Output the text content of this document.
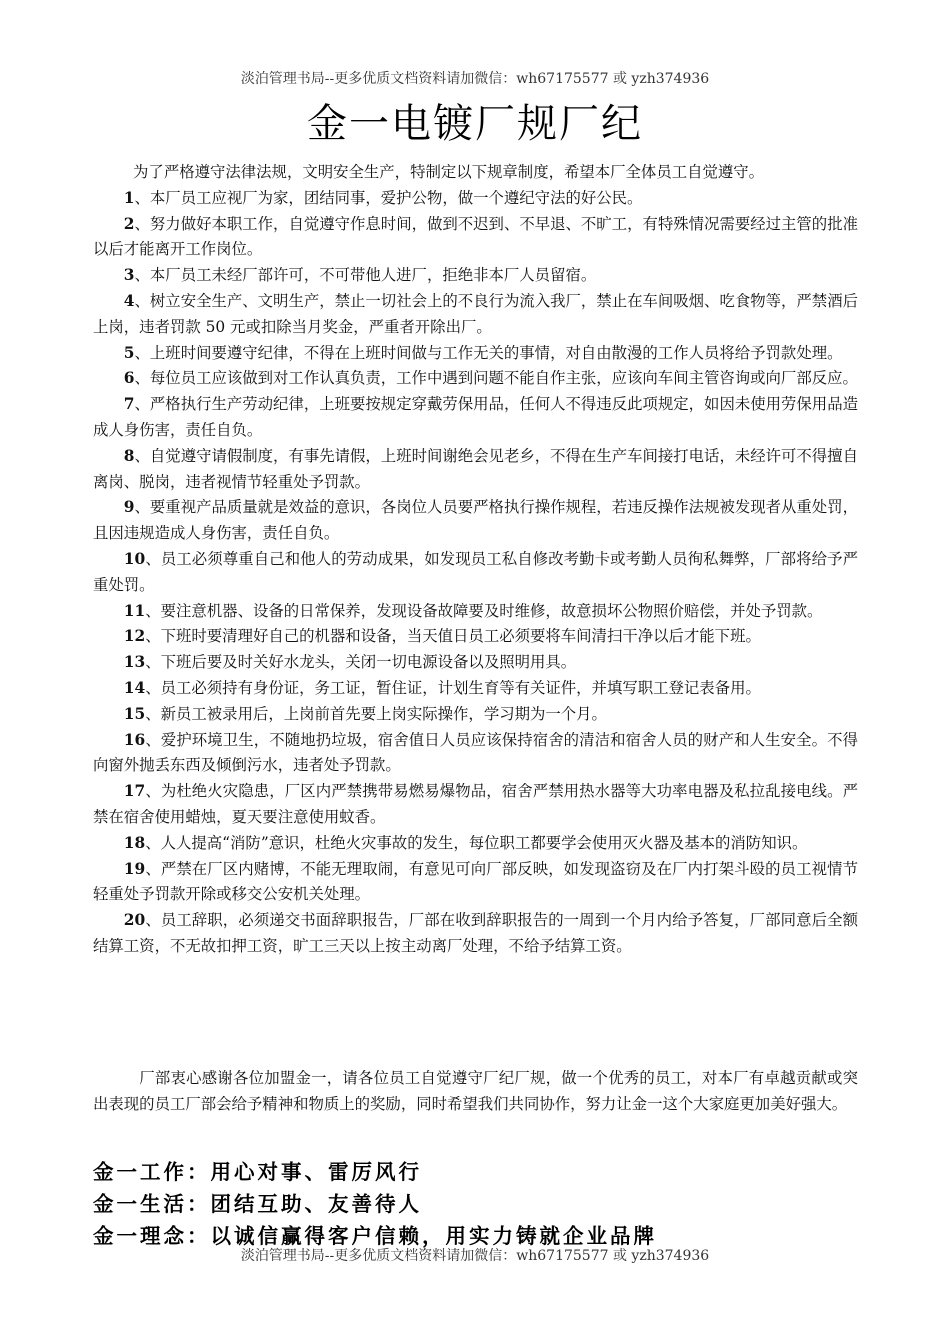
淡泊管理书局--更多优质文档资料请加微信：wh67175577 或 yzh374936
金一电镀厂规厂纪

为了严格遵守法律法规，文明安全生产，特制定以下规章制度，希望本厂全体员工自觉遵守。

1、本厂员工应视厂为家，团结同事，爱护公物，做一个遵纪守法的好公民。

2、努力做好本职工作，自觉遵守作息时间，做到不迟到、不早退、不旷工，有特殊情况需要经过主管的批准以后才能离开工作岗位。

3、本厂员工未经厂部许可，不可带他人进厂，拒绝非本厂人员留宿。

4、树立安全生产、文明生产，禁止一切社会上的不良行为流入我厂，禁止在车间吸烟、吃食物等，严禁酒后上岗，违者罚款 50 元或扣除当月奖金，严重者开除出厂。

5、上班时间要遵守纪律，不得在上班时间做与工作无关的事情，对自由散漫的工作人员将给予罚款处理。

6、每位员工应该做到对工作认真负责，工作中遇到问题不能自作主张，应该向车间主管咨询或向厂部反应。

7、严格执行生产劳动纪律，上班要按规定穿戴劳保用品，任何人不得违反此项规定，如因未使用劳保用品造成人身伤害，责任自负。

8、自觉遵守请假制度，有事先请假，上班时间谢绝会见老乡，不得在生产车间接打电话，未经许可不得擅自离岗、脱岗，违者视情节轻重处予罚款。

9、要重视产品质量就是效益的意识，各岗位人员要严格执行操作规程，若违反操作法规被发现者从重处罚，且因违规造成人身伤害，责任自负。

10、员工必须尊重自己和他人的劳动成果，如发现员工私自修改考勤卡或考勤人员徇私舞弊，厂部将给予严重处罚。

11、要注意机器、设备的日常保养，发现设备故障要及时维修，故意损坏公物照价赔偿，并处予罚款。

12、下班时要清理好自己的机器和设备，当天值日员工必须要将车间清扫干净以后才能下班。

13、下班后要及时关好水龙头，关闭一切电源设备以及照明用具。

14、员工必须持有身份证，务工证，暂住证，计划生育等有关证件，并填写职工登记表备用。

15、新员工被录用后，上岗前首先要上岗实际操作，学习期为一个月。

16、爱护环境卫生，不随地扔垃圾，宿舍值日人员应该保持宿舍的清洁和宿舍人员的财产和人生安全。不得向窗外抛丢东西及倾倒污水，违者处予罚款。

17、为杜绝火灾隐患，厂区内严禁携带易燃易爆物品，宿舍严禁用热水器等大功率电器及私拉乱接电线。严禁在宿舍使用蜡烛，夏天要注意使用蚊香。

18、人人提高“消防”意识，杜绝火灾事故的发生，每位职工都要学会使用灭火器及基本的消防知识。

19、严禁在厂区内赌博，不能无理取闹，有意见可向厂部反映，如发现盗窃及在厂内打架斗殴的员工视情节轻重处予罚款开除或移交公安机关处理。

20、员工辞职，必须递交书面辞职报告，厂部在收到辞职报告的一周到一个月内给予答复，厂部同意后全额结算工资，不无故扣押工资，旷工三天以上按主动离厂处理，不给予结算工资。

厂部衷心感谢各位加盟金一，请各位员工自觉遵守厂纪厂规，做一个优秀的员工，对本厂有卓越贡献或突出表现的员工厂部会给予精神和物质上的奖励，同时希望我们共同协作，努力让金一这个大家庭更加美好强大。

金一工作：用心对事、雷厉风行
金一生活：团结互助、友善待人
金一理念：以诚信赢得客户信赖，用实力铸就企业品牌
淡泊管理书局--更多优质文档资料请加微信：wh67175577 或 yzh374936
